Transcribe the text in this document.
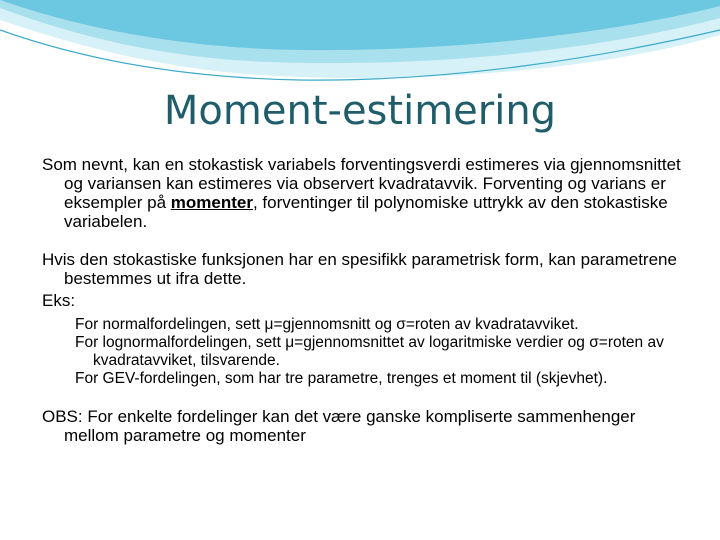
Moment-estimering

Som nevnt, kan en stokastisk variabels forventingsverdi estimeres via gjennomsnittet og variansen kan estimeres via observert kvadratavvik. Forventing og varians er eksempler på momenter, forventinger til polynomiske uttrykk av den stokastiske variabelen.

Hvis den stokastiske funksjonen har en spesifikk parametrisk form, kan parametrene bestemmes ut ifra dette.

Eks:

For normalfordelingen, sett μ=gjennomsnitt og σ=roten av kvadratavviket.

For lognormalfordelingen, sett μ=gjennomsnittet av logaritmiske verdier og σ=roten av kvadratavviket, tilsvarende.

For GEV-fordelingen, som har tre parametre, trenges et moment til (skjevhet).

OBS: For enkelte fordelinger kan det være ganske kompliserte sammenhenger mellom parametre og momenter
